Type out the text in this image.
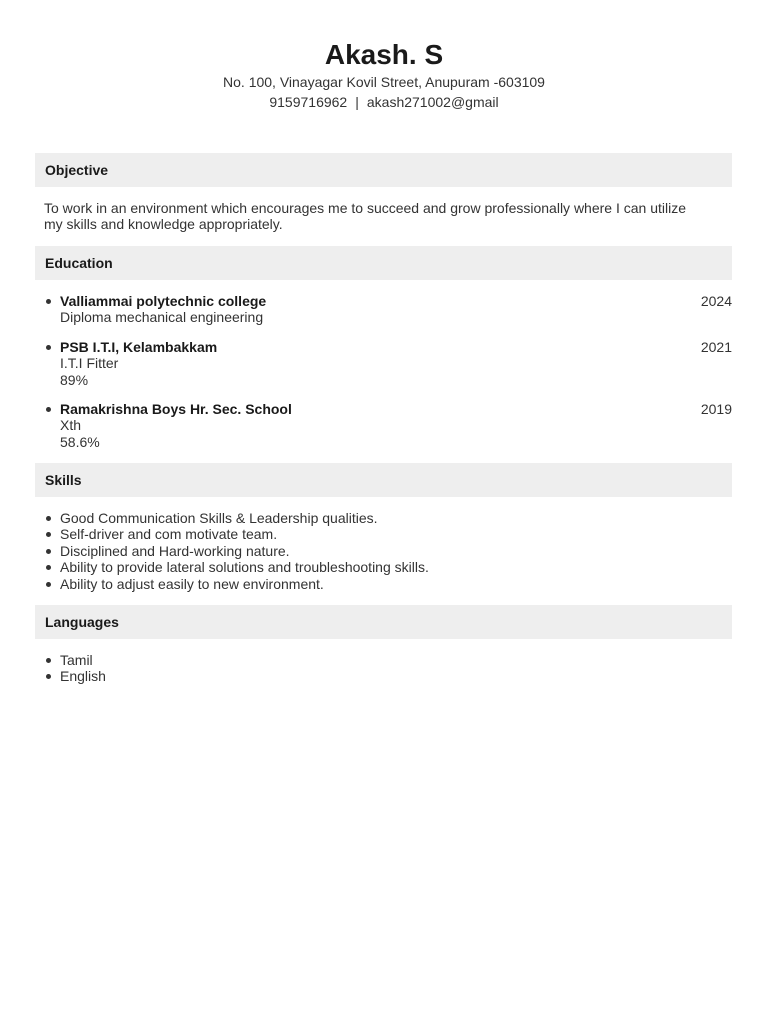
Akash. S
No. 100, Vinayagar Kovil Street, Anupuram -603109
9159716962 | akash271002@gmail
Objective
To work in an environment which encourages me to succeed and grow professionally where I can utilize my skills and knowledge appropriately.
Education
Valliammai polytechnic college	2024
Diploma mechanical engineering
PSB I.T.I, Kelambakkam	2021
I.T.I Fitter
89%
Ramakrishna Boys Hr. Sec. School	2019
Xth
58.6%
Skills
Good Communication Skills & Leadership qualities.
Self-driver and com motivate team.
Disciplined and Hard-working nature.
Ability to provide lateral solutions and troubleshooting skills.
Ability to adjust easily to new environment.
Languages
Tamil
English
